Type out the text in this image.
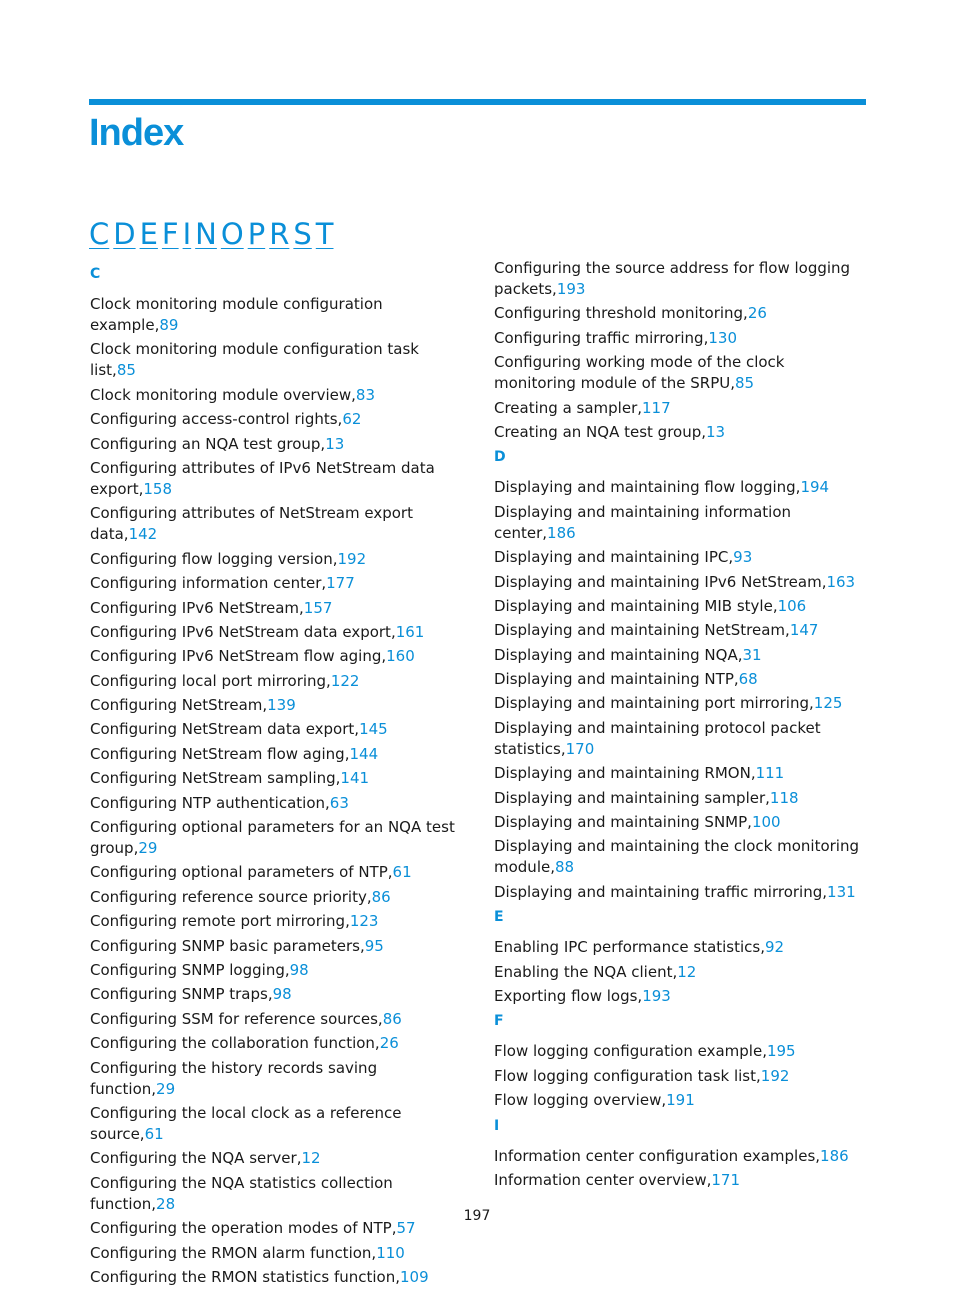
Index
C D E F I N O P R S T
C
Clock monitoring module configuration example,89
Clock monitoring module configuration task list,85
Clock monitoring module overview,83
Configuring access-control rights,62
Configuring an NQA test group,13
Configuring attributes of IPv6 NetStream data export,158
Configuring attributes of NetStream export data,142
Configuring flow logging version,192
Configuring information center,177
Configuring IPv6 NetStream,157
Configuring IPv6 NetStream data export,161
Configuring IPv6 NetStream flow aging,160
Configuring local port mirroring,122
Configuring NetStream,139
Configuring NetStream data export,145
Configuring NetStream flow aging,144
Configuring NetStream sampling,141
Configuring NTP authentication,63
Configuring optional parameters for an NQA test group,29
Configuring optional parameters of NTP,61
Configuring reference source priority,86
Configuring remote port mirroring,123
Configuring SNMP basic parameters,95
Configuring SNMP logging,98
Configuring SNMP traps,98
Configuring SSM for reference sources,86
Configuring the collaboration function,26
Configuring the history records saving function,29
Configuring the local clock as a reference source,61
Configuring the NQA server,12
Configuring the NQA statistics collection function,28
Configuring the operation modes of NTP,57
Configuring the RMON alarm function,110
Configuring the RMON statistics function,109
Configuring the source address for flow logging packets,193
Configuring threshold monitoring,26
Configuring traffic mirroring,130
Configuring working mode of the clock monitoring module of the SRPU,85
Creating a sampler,117
Creating an NQA test group,13
D
Displaying and maintaining flow logging,194
Displaying and maintaining information center,186
Displaying and maintaining IPC,93
Displaying and maintaining IPv6 NetStream,163
Displaying and maintaining MIB style,106
Displaying and maintaining NetStream,147
Displaying and maintaining NQA,31
Displaying and maintaining NTP,68
Displaying and maintaining port mirroring,125
Displaying and maintaining protocol packet statistics,170
Displaying and maintaining RMON,111
Displaying and maintaining sampler,118
Displaying and maintaining SNMP,100
Displaying and maintaining the clock monitoring module,88
Displaying and maintaining traffic mirroring,131
E
Enabling IPC performance statistics,92
Enabling the NQA client,12
Exporting flow logs,193
F
Flow logging configuration example,195
Flow logging configuration task list,192
Flow logging overview,191
I
Information center configuration examples,186
Information center overview,171
197
